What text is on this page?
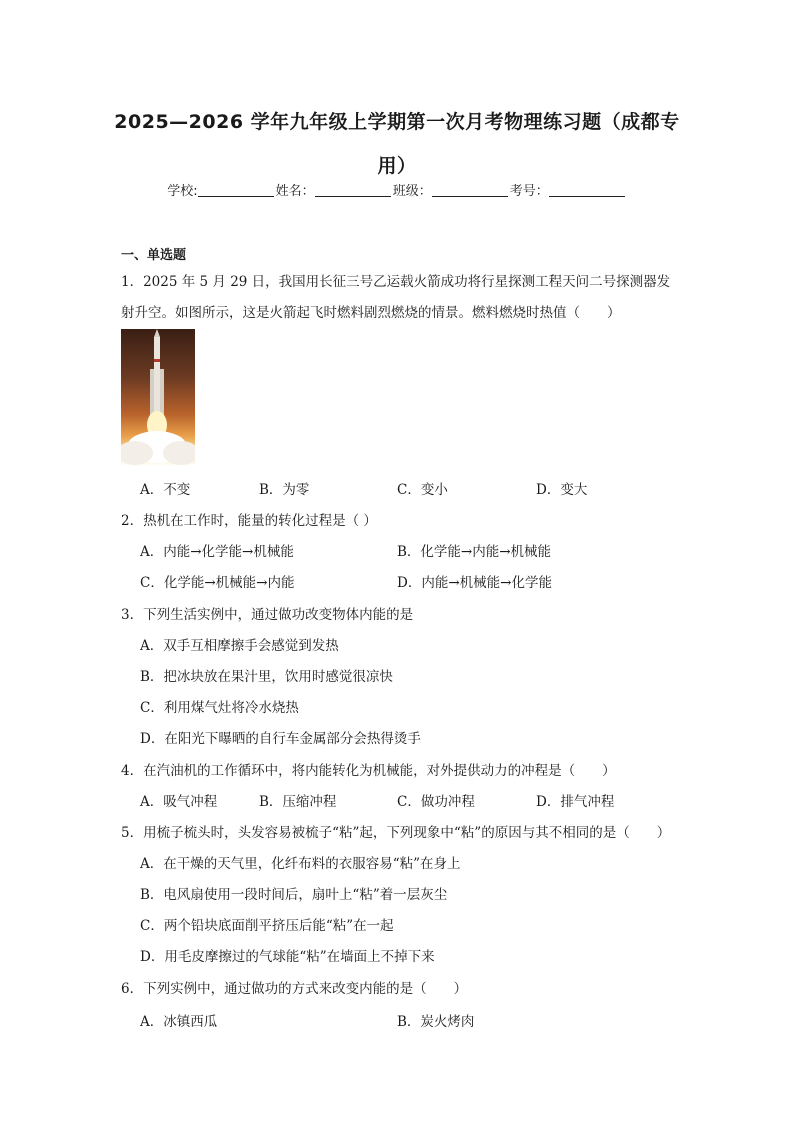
2025—2026 学年九年级上学期第一次月考物理练习题（成都专
用）
学校:	姓名：	班级：	考号：
一、单选题
1．2025 年 5 月 29 日，我国用长征三号乙运载火箭成功将行星探测工程天问二号探测器发
射升空。如图所示，这是火箭起飞时燃料剧烈燃烧的情景。燃料燃烧时热值（　　）
A．不变	B．为零	C．变小	D．变大
2．热机在工作时，能量的转化过程是（ ）
A．内能→化学能→机械能	B．化学能→内能→机械能
C．化学能→机械能→内能	D．内能→机械能→化学能
3．下列生活实例中，通过做功改变物体内能的是
A．双手互相摩擦手会感觉到发热
B．把冰块放在果汁里，饮用时感觉很凉快
C．利用煤气灶将冷水烧热
D．在阳光下曝晒的自行车金属部分会热得烫手
4．在汽油机的工作循环中，将内能转化为机械能，对外提供动力的冲程是（　　）
A．吸气冲程	B．压缩冲程	C．做功冲程	D．排气冲程
5．用梳子梳头时，头发容易被梳子“粘”起，下列现象中“粘”的原因与其不相同的是（　　）
A．在干燥的天气里，化纤布料的衣服容易“粘”在身上
B．电风扇使用一段时间后，扇叶上“粘”着一层灰尘
C．两个铅块底面削平挤压后能“粘”在一起
D．用毛皮摩擦过的气球能“粘”在墙面上不掉下来
6．下列实例中，通过做功的方式来改变内能的是（　　）
A．冰镇西瓜	B．炭火烤肉
